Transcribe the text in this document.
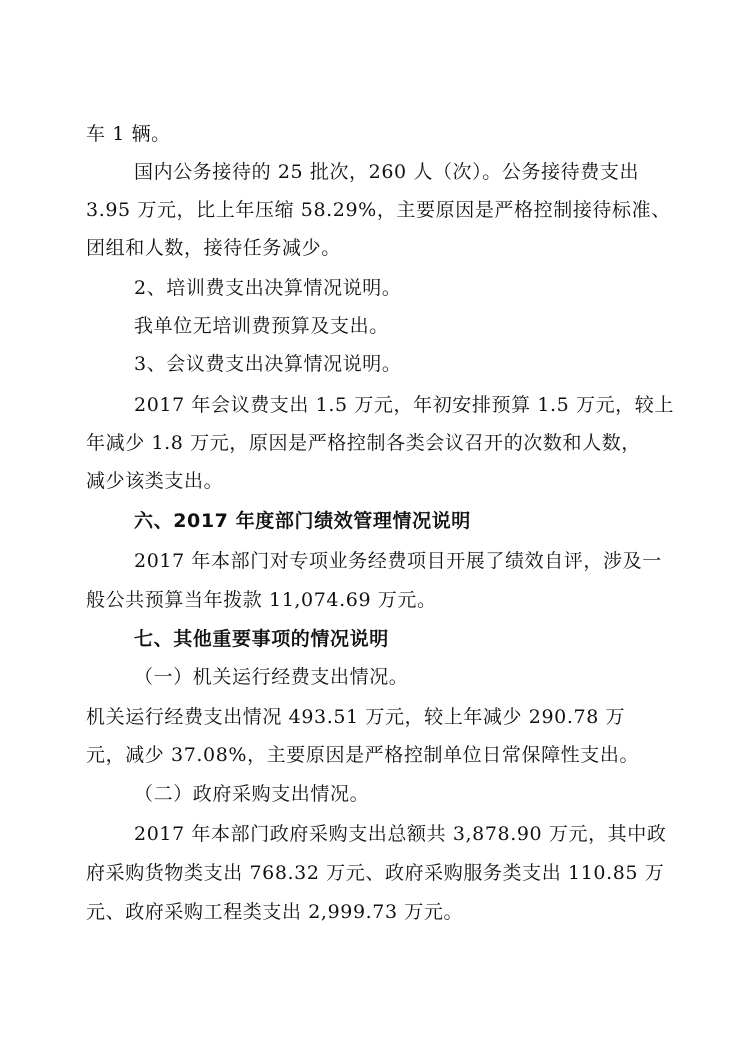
车 1 辆。
国内公务接待的 25 批次，260 人（次）。公务接待费支出
3.95 万元，比上年压缩 58.29%，主要原因是严格控制接待标准、
团组和人数，接待任务减少。
2、培训费支出决算情况说明。
我单位无培训费预算及支出。
3、会议费支出决算情况说明。
2017 年会议费支出 1.5 万元，年初安排预算 1.5 万元，较上
年减少 1.8 万元，原因是严格控制各类会议召开的次数和人数，
减少该类支出。
六、2017 年度部门绩效管理情况说明
2017 年本部门对专项业务经费项目开展了绩效自评，涉及一
般公共预算当年拨款 11,074.69 万元。
七、其他重要事项的情况说明
（一）机关运行经费支出情况。
机关运行经费支出情况 493.51 万元，较上年减少 290.78 万
元，减少 37.08%，主要原因是严格控制单位日常保障性支出。
（二）政府采购支出情况。
2017 年本部门政府采购支出总额共 3,878.90 万元，其中政
府采购货物类支出 768.32 万元、政府采购服务类支出 110.85 万
元、政府采购工程类支出 2,999.73 万元。
